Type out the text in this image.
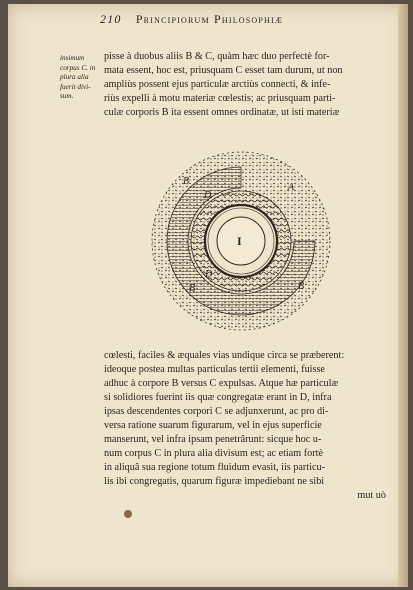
210 Principiorum Philosophiæ
insimum
corpus C. in
plura alia
fuerit divi-
sum.
pisse à duobus aliis B & C, quàm hæc duo perfectè for-
mata essent, hoc est, priusquam C esset tam durum, ut non
ampliùs possent ejus particulæ arctiùs connecti, & infe-
riùs expelli à motu materiæ cœlestis; ac priusquam parti-
culæ corporis B ita essent omnes ordinatæ, ut isti materiæ
B
D
A
I
D
B	B
cœlesti, faciles & æquales vias undique circa se præberent:
ideoque postea multas particulas tertii elementi, fuisse
adhuc à corpore B versus C expulsas. Atque hæ particulæ
si solidiores fuerint iis quæ congregatæ erant in D, infra
ipsas descendentes corpori C se adjunxerunt, ac pro di-
versa ratione suarum figurarum, vel in ejus superficie
manserunt, vel infra ipsam penetrârunt: sicque hoc u-
num corpus C in plura alia divisum est; ac etiam fortè
in aliquâ sua regione totum fluidum evasit, iis particu-
lis ibi congregatis, quarum figuræ impediebant ne sibi
mut uò
